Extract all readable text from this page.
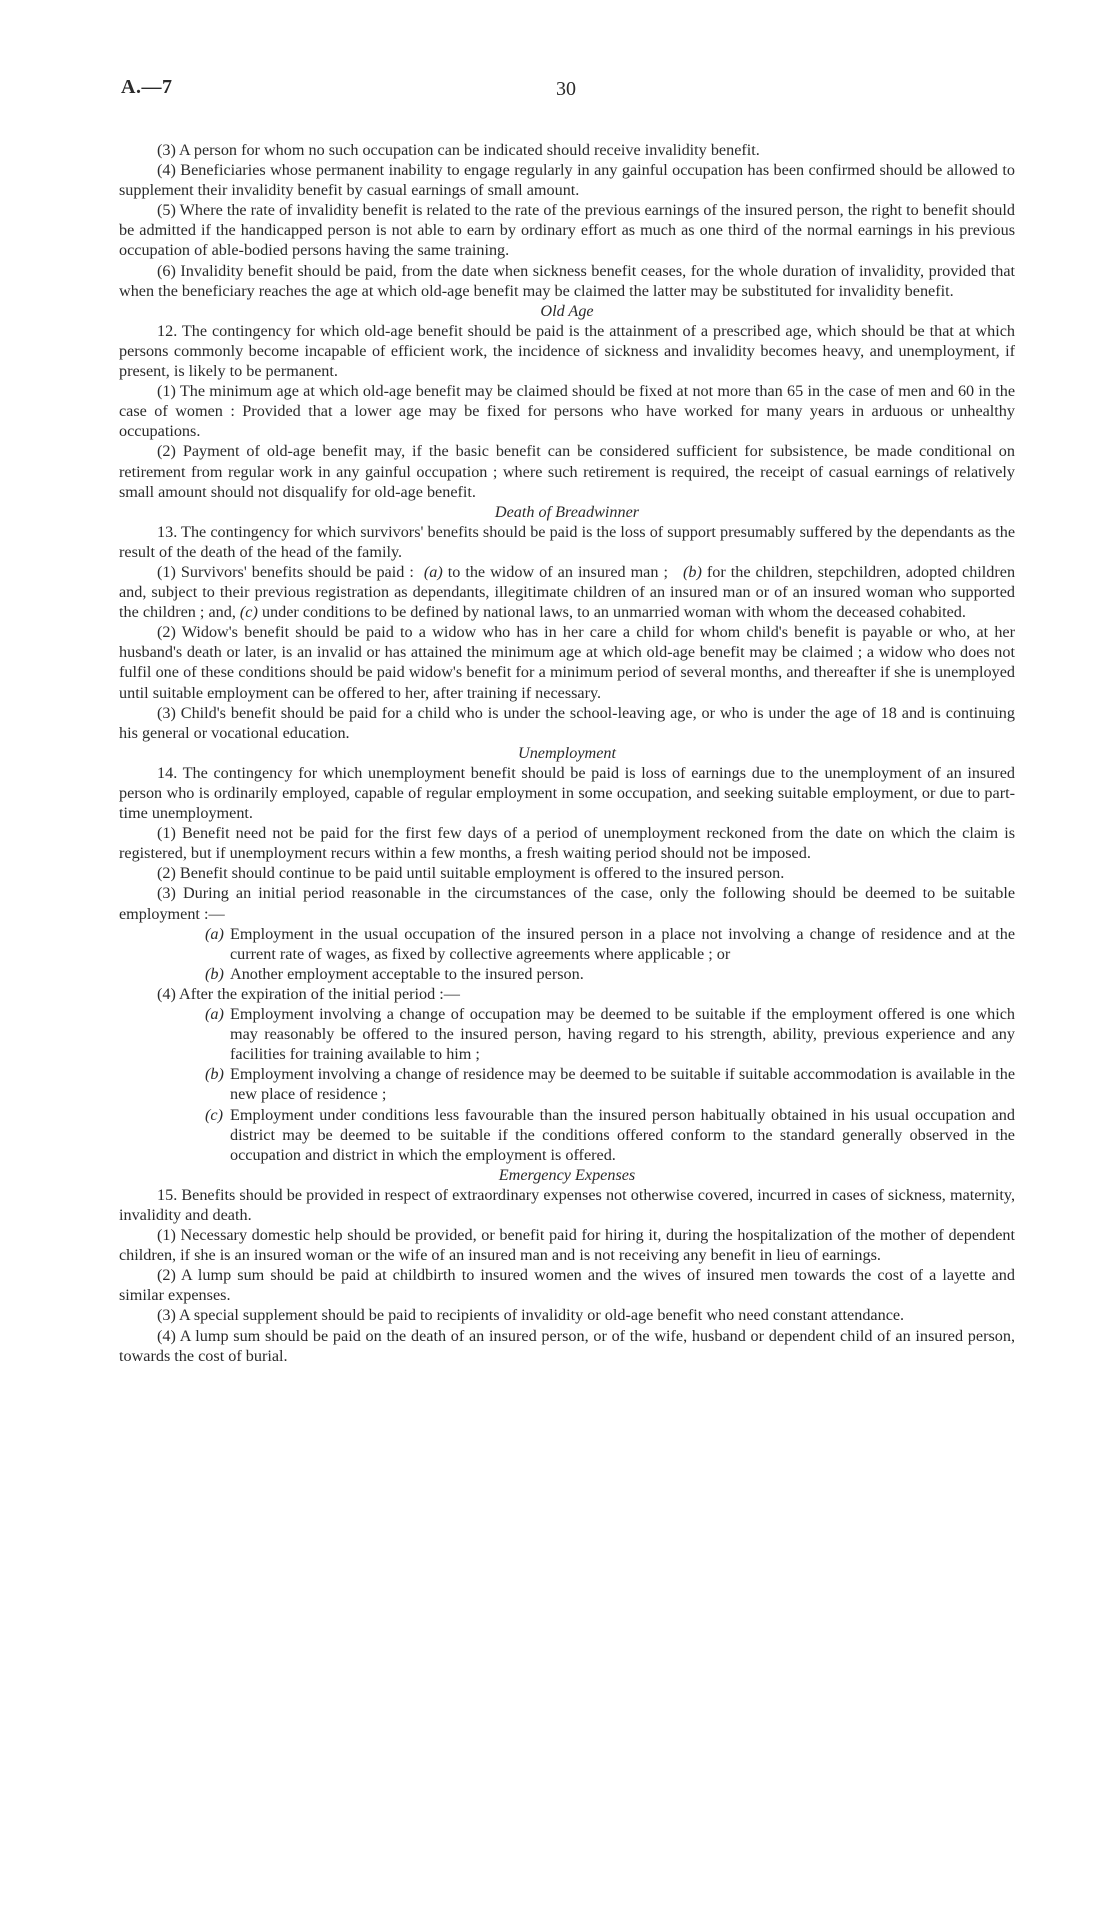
A.—7	30

(3) A person for whom no such occupation can be indicated should receive invalidity benefit.

(4) Beneficiaries whose permanent inability to engage regularly in any gainful occupation has been confirmed should be allowed to supplement their invalidity benefit by casual earnings of small amount.

(5) Where the rate of invalidity benefit is related to the rate of the previous earnings of the insured person, the right to benefit should be admitted if the handicapped person is not able to earn by ordinary effort as much as one third of the normal earnings in his previous occupation of able-bodied persons having the same training.

(6) Invalidity benefit should be paid, from the date when sickness benefit ceases, for the whole duration of invalidity, provided that when the beneficiary reaches the age at which old-age benefit may be claimed the latter may be substituted for invalidity benefit.

Old Age

12. The contingency for which old-age benefit should be paid is the attainment of a prescribed age, which should be that at which persons commonly become incapable of efficient work, the incidence of sickness and invalidity becomes heavy, and unemployment, if present, is likely to be permanent.

(1) The minimum age at which old-age benefit may be claimed should be fixed at not more than 65 in the case of men and 60 in the case of women : Provided that a lower age may be fixed for persons who have worked for many years in arduous or unhealthy occupations.

(2) Payment of old-age benefit may, if the basic benefit can be considered sufficient for subsistence, be made conditional on retirement from regular work in any gainful occupation ; where such retirement is required, the receipt of casual earnings of relatively small amount should not disqualify for old-age benefit.

Death of Breadwinner

13. The contingency for which survivors' benefits should be paid is the loss of support presumably suffered by the dependants as the result of the death of the head of the family.

(1) Survivors' benefits should be paid : (a) to the widow of an insured man ; (b) for the children, stepchildren, adopted children and, subject to their previous registration as dependants, illegitimate children of an insured man or of an insured woman who supported the children ; and, (c) under conditions to be defined by national laws, to an unmarried woman with whom the deceased cohabited.

(2) Widow's benefit should be paid to a widow who has in her care a child for whom child's benefit is payable or who, at her husband's death or later, is an invalid or has attained the minimum age at which old-age benefit may be claimed ; a widow who does not fulfil one of these conditions should be paid widow's benefit for a minimum period of several months, and thereafter if she is unemployed until suitable employment can be offered to her, after training if necessary.

(3) Child's benefit should be paid for a child who is under the school-leaving age, or who is under the age of 18 and is continuing his general or vocational education.

Unemployment

14. The contingency for which unemployment benefit should be paid is loss of earnings due to the unemployment of an insured person who is ordinarily employed, capable of regular employment in some occupation, and seeking suitable employment, or due to part-time unemployment.

(1) Benefit need not be paid for the first few days of a period of unemployment reckoned from the date on which the claim is registered, but if unemployment recurs within a few months, a fresh waiting period should not be imposed.

(2) Benefit should continue to be paid until suitable employment is offered to the insured person.

(3) During an initial period reasonable in the circumstances of the case, only the following should be deemed to be suitable employment :—

(a) Employment in the usual occupation of the insured person in a place not involving a change of residence and at the current rate of wages, as fixed by collective agreements where applicable ; or

(b) Another employment acceptable to the insured person.

(4) After the expiration of the initial period :—

(a) Employment involving a change of occupation may be deemed to be suitable if the employment offered is one which may reasonably be offered to the insured person, having regard to his strength, ability, previous experience and any facilities for training available to him ;

(b) Employment involving a change of residence may be deemed to be suitable if suitable accommodation is available in the new place of residence ;

(c) Employment under conditions less favourable than the insured person habitually obtained in his usual occupation and district may be deemed to be suitable if the conditions offered conform to the standard generally observed in the occupation and district in which the employment is offered.

Emergency Expenses

15. Benefits should be provided in respect of extraordinary expenses not otherwise covered, incurred in cases of sickness, maternity, invalidity and death.

(1) Necessary domestic help should be provided, or benefit paid for hiring it, during the hospitalization of the mother of dependent children, if she is an insured woman or the wife of an insured man and is not receiving any benefit in lieu of earnings.

(2) A lump sum should be paid at childbirth to insured women and the wives of insured men towards the cost of a layette and similar expenses.

(3) A special supplement should be paid to recipients of invalidity or old-age benefit who need constant attendance.

(4) A lump sum should be paid on the death of an insured person, or of the wife, husband or dependent child of an insured person, towards the cost of burial.
